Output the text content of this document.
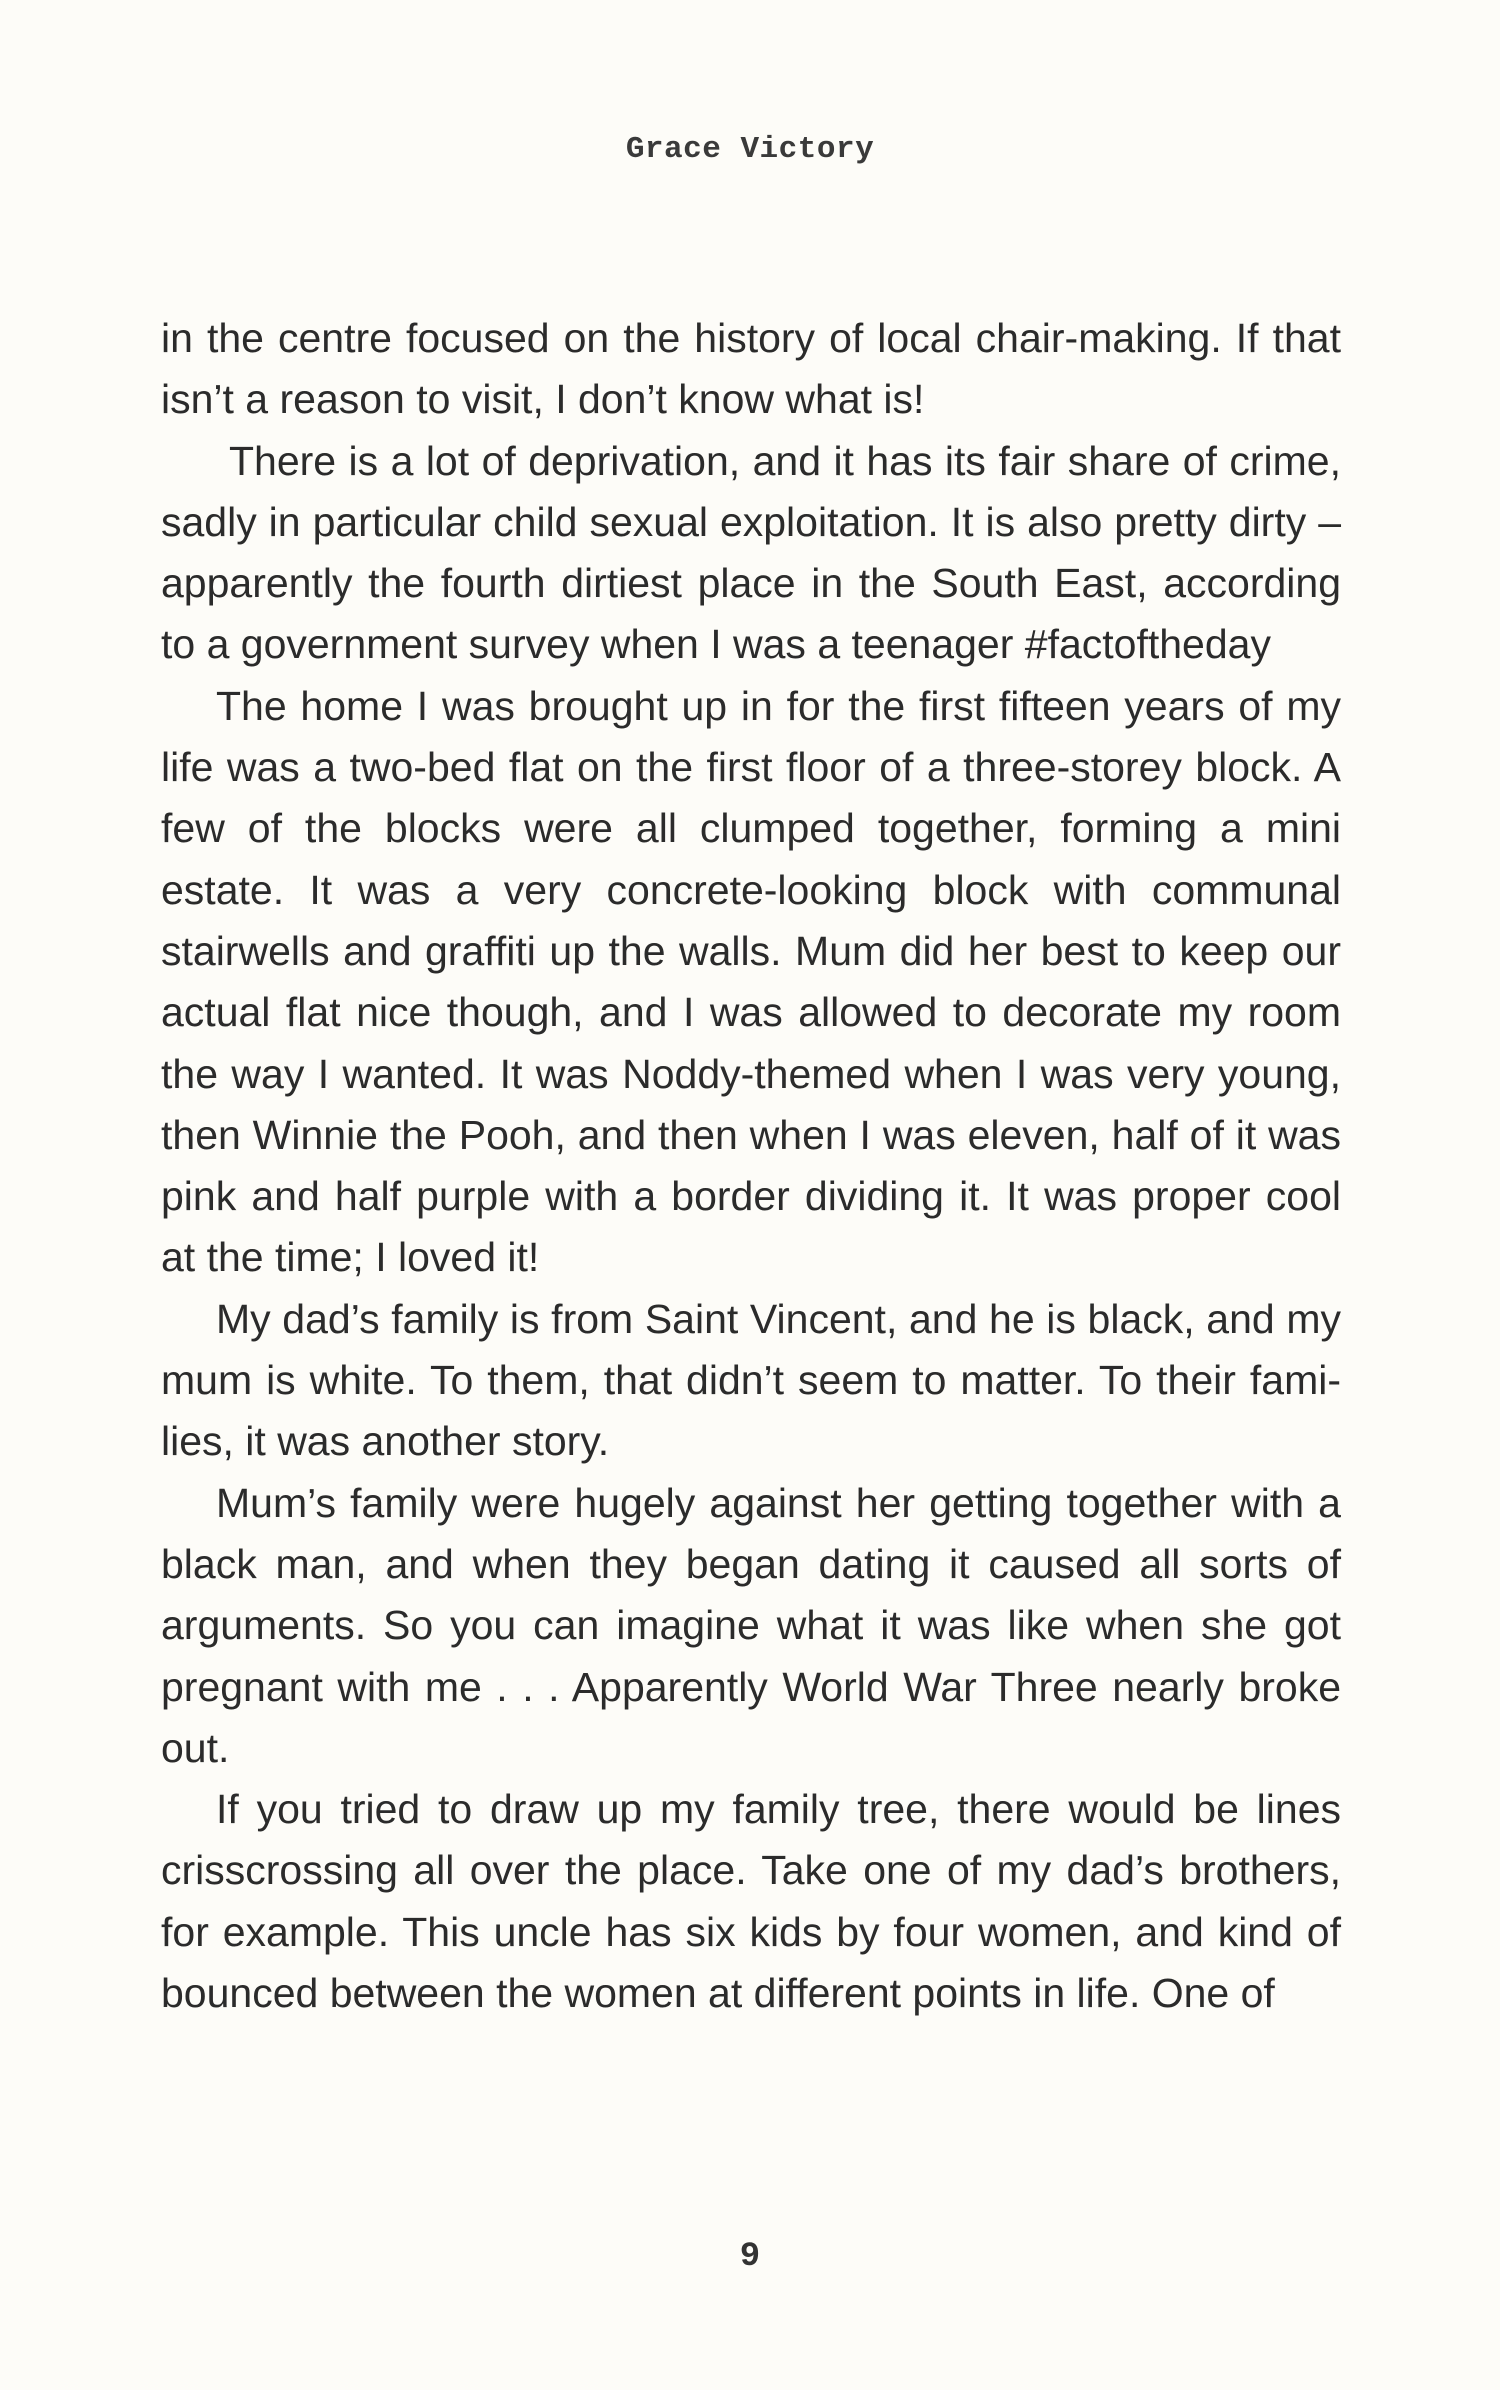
Grace Victory

in the centre focused on the history of local chair-making. If that isn’t a reason to visit, I don’t know what is!

There is a lot of deprivation, and it has its fair share of crime, sadly in particular child sexual exploitation. It is also pretty dirty – apparently the fourth dirtiest place in the South East, according to a government survey when I was a teenager #factoftheday

The home I was brought up in for the first fifteen years of my life was a two-bed flat on the first floor of a three-storey block. A few of the blocks were all clumped together, forming a mini estate. It was a very concrete-looking block with communal stairwells and graffiti up the walls. Mum did her best to keep our actual flat nice though, and I was allowed to decorate my room the way I wanted. It was Noddy-themed when I was very young, then Winnie the Pooh, and then when I was eleven, half of it was pink and half purple with a border dividing it. It was proper cool at the time; I loved it!

My dad’s family is from Saint Vincent, and he is black, and my mum is white. To them, that didn’t seem to matter. To their families, it was another story.

Mum’s family were hugely against her getting together with a black man, and when they began dating it caused all sorts of arguments. So you can imagine what it was like when she got pregnant with me . . . Apparently World War Three nearly broke out.

If you tried to draw up my family tree, there would be lines crisscrossing all over the place. Take one of my dad’s brothers, for example. This uncle has six kids by four women, and kind of bounced between the women at different points in life. One of

9
